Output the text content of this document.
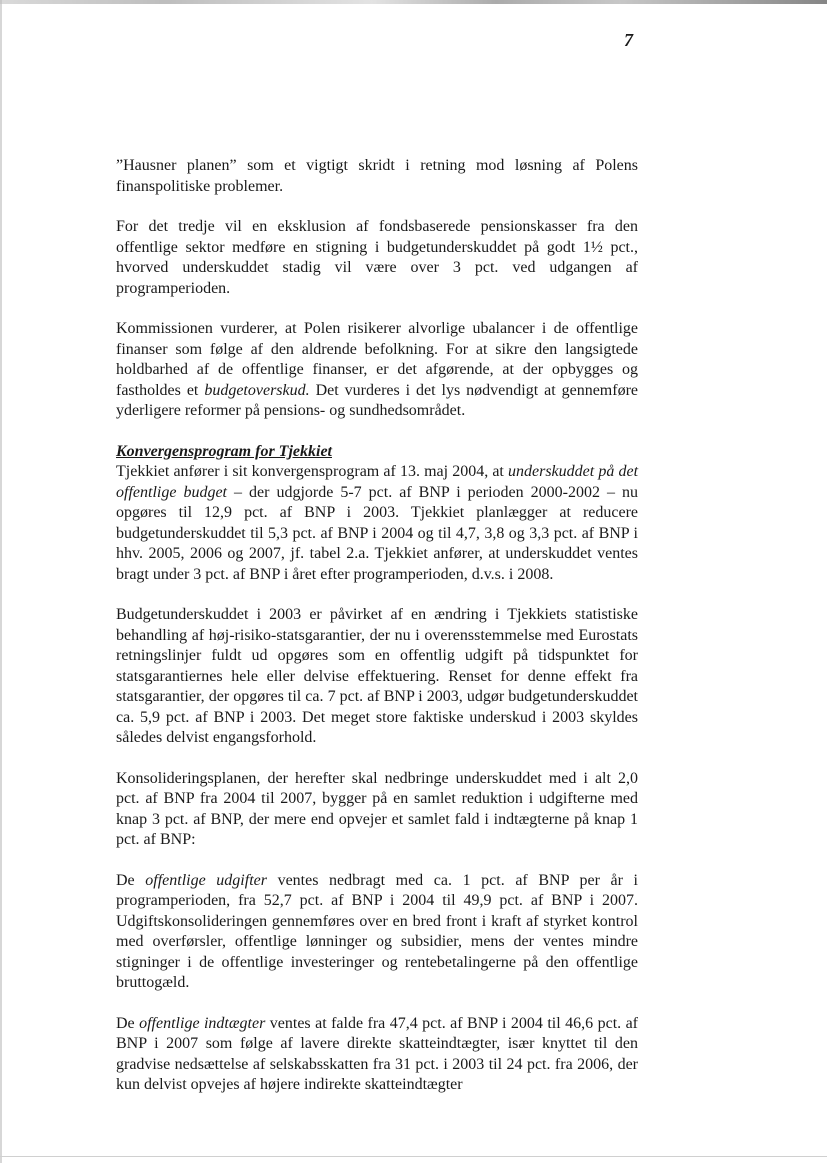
7

”Hausner planen” som et vigtigt skridt i retning mod løsning af Polens finanspolitiske problemer.

For det tredje vil en eksklusion af fondsbaserede pensionskasser fra den offentlige sektor medføre en stigning i budgetunderskuddet på godt 1½ pct., hvorved underskuddet stadig vil være over 3 pct. ved udgangen af programperioden.

Kommissionen vurderer, at Polen risikerer alvorlige ubalancer i de offentlige finanser som følge af den aldrende befolkning. For at sikre den langsigtede holdbarhed af de offentlige finanser, er det afgørende, at der opbygges og fastholdes et budgetoverskud. Det vurderes i det lys nødvendigt at gennemføre yderligere reformer på pensions- og sundhedsområdet.

Konvergensprogram for Tjekkiet

Tjekkiet anfører i sit konvergensprogram af 13. maj 2004, at underskuddet på det offentlige budget – der udgjorde 5-7 pct. af BNP i perioden 2000-2002 – nu opgøres til 12,9 pct. af BNP i 2003. Tjekkiet planlægger at reducere budgetunderskuddet til 5,3 pct. af BNP i 2004 og til 4,7, 3,8 og 3,3 pct. af BNP i hhv. 2005, 2006 og 2007, jf. tabel 2.a. Tjekkiet anfører, at underskuddet ventes bragt under 3 pct. af BNP i året efter programperioden, d.v.s. i 2008.

Budgetunderskuddet i 2003 er påvirket af en ændring i Tjekkiets statistiske behandling af høj-risiko-statsgarantier, der nu i overensstemmelse med Eurostats retningslinjer fuldt ud opgøres som en offentlig udgift på tidspunktet for statsgarantiernes hele eller delvise effektuering. Renset for denne effekt fra statsgarantier, der opgøres til ca. 7 pct. af BNP i 2003, udgør budgetunderskuddet ca. 5,9 pct. af BNP i 2003. Det meget store faktiske underskud i 2003 skyldes således delvist engangsforhold.

Konsolideringsplanen, der herefter skal nedbringe underskuddet med i alt 2,0 pct. af BNP fra 2004 til 2007, bygger på en samlet reduktion i udgifterne med knap 3 pct. af BNP, der mere end opvejer et samlet fald i indtægterne på knap 1 pct. af BNP:

De offentlige udgifter ventes nedbragt med ca. 1 pct. af BNP per år i programperioden, fra 52,7 pct. af BNP i 2004 til 49,9 pct. af BNP i 2007. Udgiftskonsolideringen gennemføres over en bred front i kraft af styrket kontrol med overførsler, offentlige lønninger og subsidier, mens der ventes mindre stigninger i de offentlige investeringer og rentebetalingerne på den offentlige bruttogæld.

De offentlige indtægter ventes at falde fra 47,4 pct. af BNP i 2004 til 46,6 pct. af BNP i 2007 som følge af lavere direkte skatteindtægter, især knyttet til den gradvise nedsættelse af selskabsskatten fra 31 pct. i 2003 til 24 pct. fra 2006, der kun delvist opvejes af højere indirekte skatteindtægter
